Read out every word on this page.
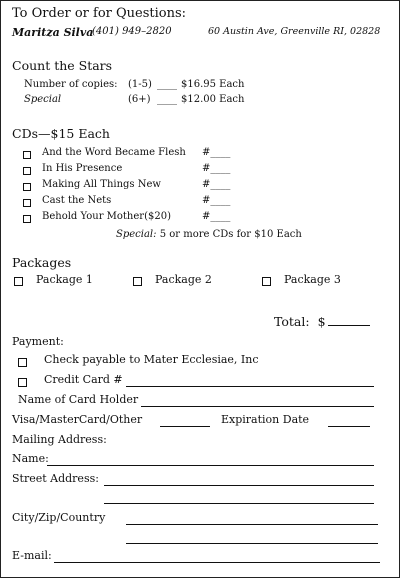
To Order or for Questions:
Maritza Silva
(401) 949–2820	60 Austin Ave, Greenville RI, 02828
Count the Stars
Number of copies: (1-5) ____ $16.95 Each
Special	(6+) ____ $12.00 Each
CDs—$15 Each
And the Word Became Flesh #____
In His Presence	#____
Making All Things New	#____
Cast the Nets	#____
Behold Your Mother($20)	#____
Special: 5 or more CDs for $10 Each
Packages
Package 1	Package 2	Package 3
Total: $
Payment:
Check payable to Mater Ecclesiae, Inc
Credit Card #
Name of Card Holder
Visa/MasterCard/Other	Expiration Date
Mailing Address:
Name:
Street Address:
City/Zip/Country
E-mail:
